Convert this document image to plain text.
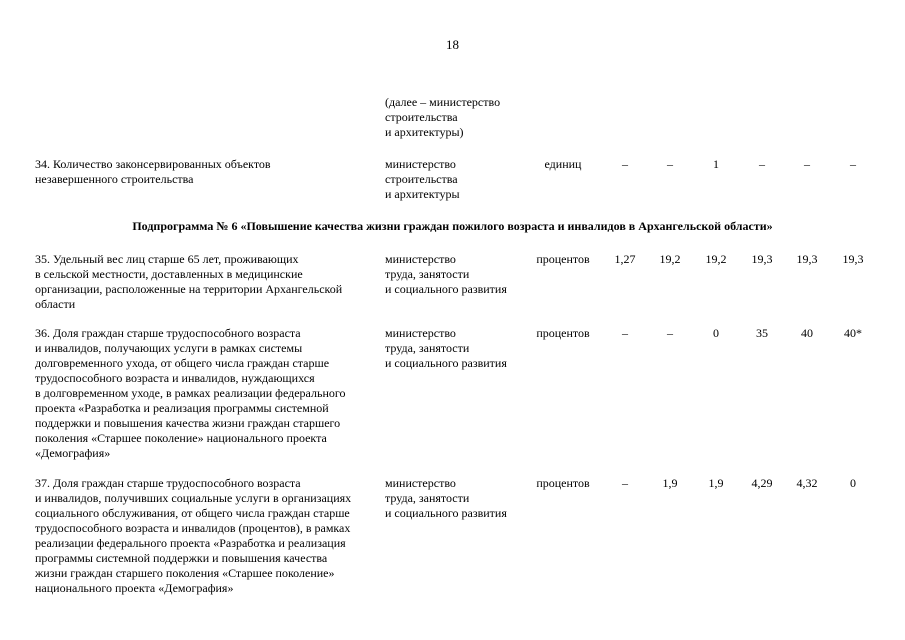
18
(далее – министерство
строительства
и архитектуры)
34. Количество законсервированных объектов
незавершенного строительства
министерство
строительства
и архитектуры
единиц	–	–	1	–	–	–
Подпрограмма № 6 «Повышение качества жизни граждан пожилого возраста и инвалидов в Архангельской области»
35. Удельный вес лиц старше 65 лет, проживающих
в сельской местности, доставленных в медицинские
организации, расположенные на территории Архангельской
области
министерство
труда, занятости
и социального развития
процентов	1,27	19,2	19,2	19,3	19,3	19,3
36. Доля граждан старше трудоспособного возраста
и инвалидов, получающих услуги в рамках системы
долговременного ухода, от общего числа граждан старше
трудоспособного возраста и инвалидов, нуждающихся
в долговременном уходе, в рамках реализации федерального
проекта «Разработка и реализация программы системной
поддержки и повышения качества жизни граждан старшего
поколения «Старшее поколение» национального проекта
«Демография»
министерство
труда, занятости
и социального развития
процентов	–	–	0	35	40	40*
37. Доля граждан старше трудоспособного возраста
и инвалидов, получивших социальные услуги в организациях
социального обслуживания, от общего числа граждан старше
трудоспособного возраста и инвалидов (процентов), в рамках
реализации федерального проекта «Разработка и реализация
программы системной поддержки и повышения качества
жизни граждан старшего поколения «Старшее поколение»
национального проекта «Демография»
министерство
труда, занятости
и социального развития
процентов	–	1,9	1,9	4,29	4,32	0
